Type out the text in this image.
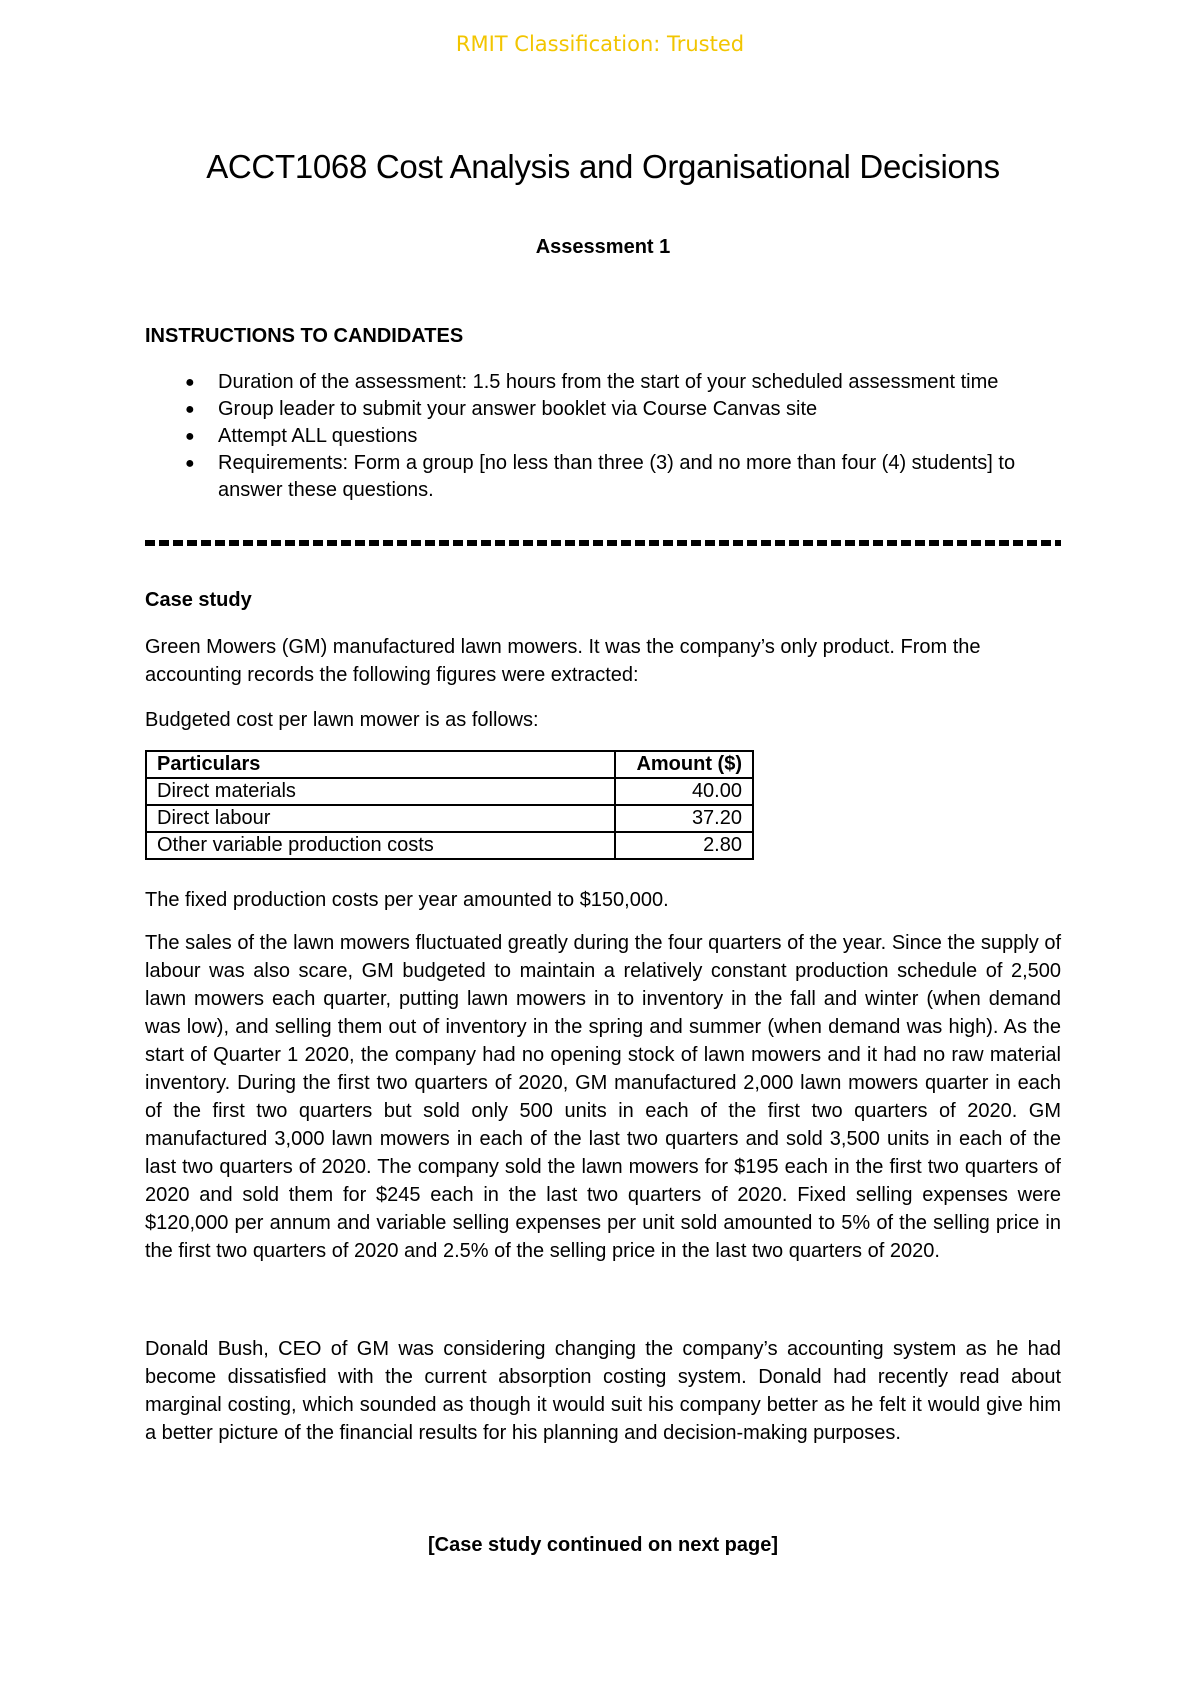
RMIT Classification: Trusted
ACCT1068 Cost Analysis and Organisational Decisions
Assessment 1
INSTRUCTIONS TO CANDIDATES
● Duration of the assessment: 1.5 hours from the start of your scheduled assessment time
● Group leader to submit your answer booklet via Course Canvas site
● Attempt ALL questions
● Requirements: Form a group [no less than three (3) and no more than four (4) students] to answer these questions.
Case study

Green Mowers (GM) manufactured lawn mowers. It was the company’s only product. From the accounting records the following figures were extracted:

Budgeted cost per lawn mower is as follows:

Particulars	Amount ($)
Direct materials	40.00
Direct labour	37.20
Other variable production costs	2.80

The fixed production costs per year amounted to $150,000.

The sales of the lawn mowers fluctuated greatly during the four quarters of the year. Since the supply of labour was also scare, GM budgeted to maintain a relatively constant production schedule of 2,500 lawn mowers each quarter, putting lawn mowers in to inventory in the fall and winter (when demand was low), and selling them out of inventory in the spring and summer (when demand was high). As the start of Quarter 1 2020, the company had no opening stock of lawn mowers and it had no raw material inventory. During the first two quarters of 2020, GM manufactured 2,000 lawn mowers quarter in each of the first two quarters but sold only 500 units in each of the first two quarters of 2020. GM manufactured 3,000 lawn mowers in each of the last two quarters and sold 3,500 units in each of the last two quarters of 2020. The company sold the lawn mowers for $195 each in the first two quarters of 2020 and sold them for $245 each in the last two quarters of 2020. Fixed selling expenses were $120,000 per annum and variable selling expenses per unit sold amounted to 5% of the selling price in the first two quarters of 2020 and 2.5% of the selling price in the last two quarters of 2020.

Donald Bush, CEO of GM was considering changing the company’s accounting system as he had become dissatisfied with the current absorption costing system. Donald had recently read about marginal costing, which sounded as though it would suit his company better as he felt it would give him a better picture of the financial results for his planning and decision-making purposes.

[Case study continued on next page]
